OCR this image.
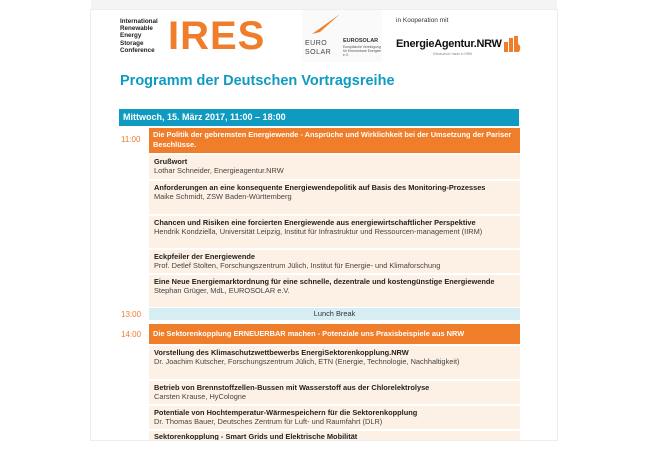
International
Renewable
Energy
Storage
Conference IRES	EURO
SOLAR
EUROSOLAR
Europäische Vereinigung für Erneuerbare Energien e.V.
in Kooperation mit
EnergieAgentur.NRW
Klimaschutz made in NRW
Programm der Deutschen Vortragsreihe
Mittwoch, 15. März 2017, 11:00 – 18:00
11:00
Die Politik der gebremsten Energiewende - Ansprüche und Wirklichkeit bei der Umsetzung der Pariser Beschlüsse.
Grußwort
Lothar Schneider, Energieagentur.NRW
Anforderungen an eine konsequente Energiewendepolitik auf Basis des Monitoring-Prozesses
Maike Schmidt, ZSW Baden-Württemberg
Chancen und Risiken eine forcierten Energiewende aus energiewirtschaftlicher Perspektive
Hendrik Kondziella, Universität Leipzig, Institut für Infrastruktur und Ressourcen-management (IIRM)
Eckpfeiler der Energiewende
Prof. Detlef Stolten, Forschungszentrum Jülich, Institut für Energie- und Klimaforschung
Eine Neue Energiemarktordnung für eine schnelle, dezentrale und kostengünstige Energiewende
Stephan Grüger, MdL, EUROSOLAR e.V.
13:00	Lunch Break
14:00	Die Sektorenkopplung ERNEUERBAR machen - Potenziale uns Praxisbeispiele aus NRW
Vorstellung des Klimaschutzwettbewerbs EnergiSektorenkopplung.NRW
Dr. Joachim Kutscher, Forschungszentrum Jülich, ETN (Energie, Technologie, Nachhaltigkeit)
Betrieb von Brennstoffzellen-Bussen mit Wasserstoff aus der Chlorelektrolyse
Carsten Krause, HyCologne
Potentiale von Hochtemperatur-Wärmespeichern für die Sektorenkopplung
Dr. Thomas Bauer, Deutsches Zentrum für Luft- und Raumfahrt (DLR)
Sektorenkopplung - Smart Grids und Elektrische Mobilität
